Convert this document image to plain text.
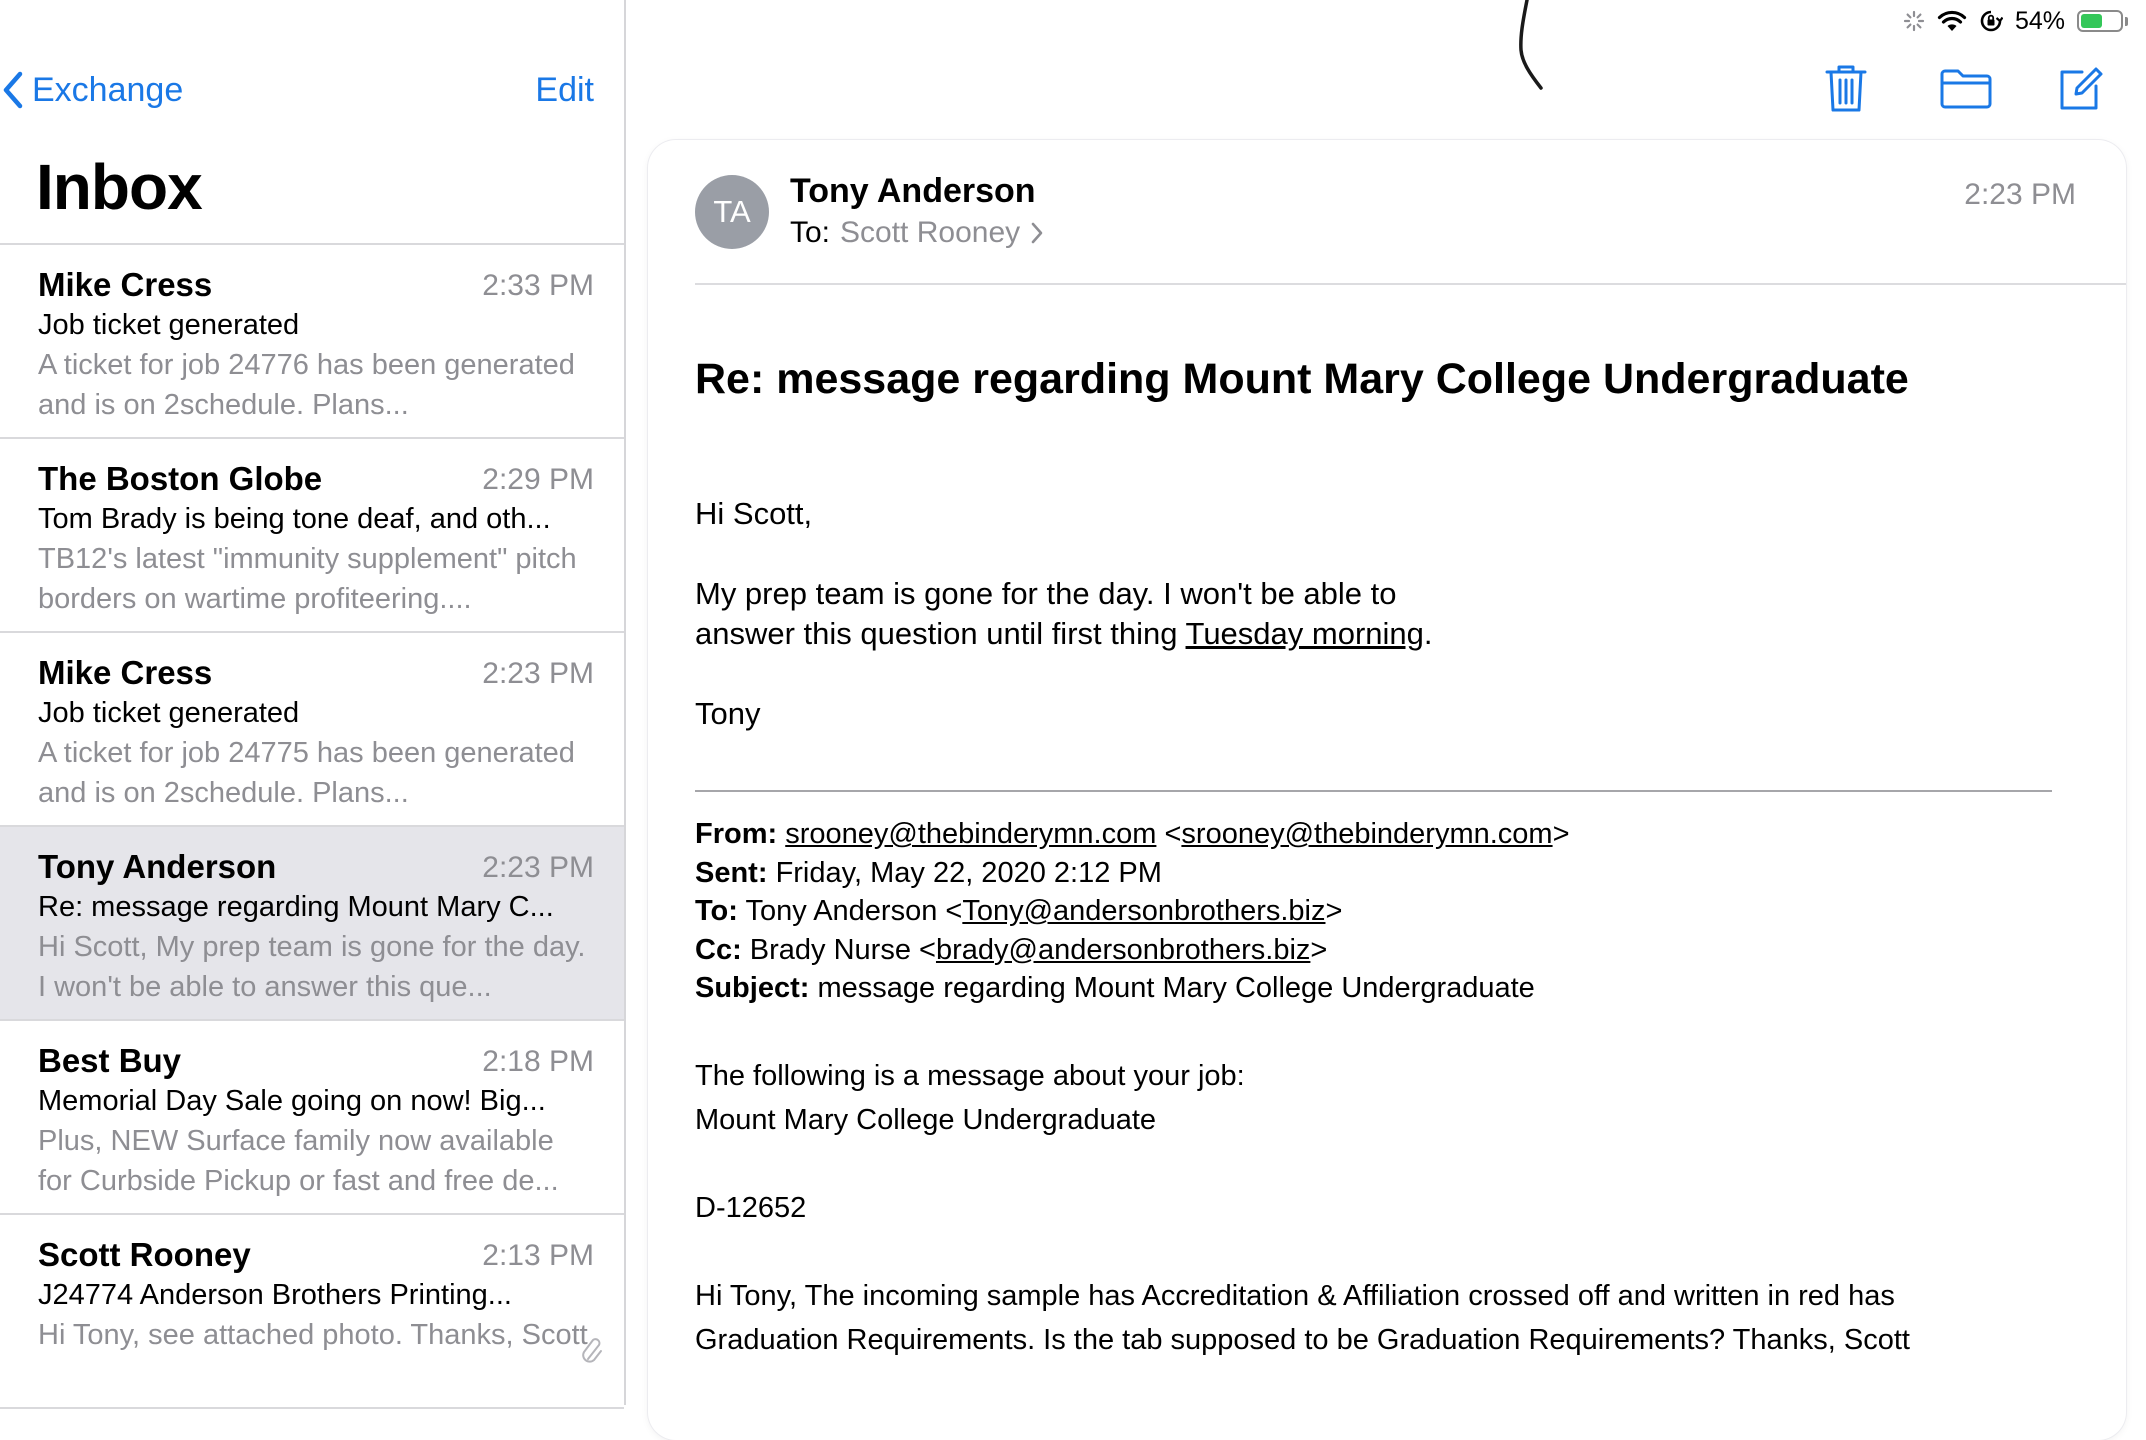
54%
Exchange	Edit
Inbox
Mike Cress	2:33 PM
Job ticket generated
A ticket for job 24776 has been generated and is on 2schedule. Plans...
The Boston Globe	2:29 PM
Tom Brady is being tone deaf, and oth...
TB12's latest "immunity supplement" pitch borders on wartime profiteering....
Mike Cress	2:23 PM
Job ticket generated
A ticket for job 24775 has been generated and is on 2schedule. Plans...
Tony Anderson	2:23 PM
Re: message regarding Mount Mary C...
Hi Scott, My prep team is gone for the day. I won't be able to answer this que...
Best Buy	2:18 PM
Memorial Day Sale going on now! Big...
Plus, NEW Surface family now available for Curbside Pickup or fast and free de...
Scott Rooney	2:13 PM
J24774 Anderson Brothers Printing...
Hi Tony, see attached photo. Thanks, Scott
TA
Tony Anderson
To: Scott Rooney
2:23 PM
Re: message regarding Mount Mary College Undergraduate
Hi Scott,
My prep team is gone for the day. I won't be able to
answer this question until first thing Tuesday morning.
Tony
From: srooney@thebinderymn.com <srooney@thebinderymn.com>
Sent: Friday, May 22, 2020 2:12 PM
To: Tony Anderson <Tony@andersonbrothers.biz>
Cc: Brady Nurse <brady@andersonbrothers.biz>
Subject: message regarding Mount Mary College Undergraduate
The following is a message about your job:
Mount Mary College Undergraduate
D-12652
Hi Tony, The incoming sample has Accreditation & Affiliation crossed off and written in red has
Graduation Requirements. Is the tab supposed to be Graduation Requirements? Thanks, Scott
